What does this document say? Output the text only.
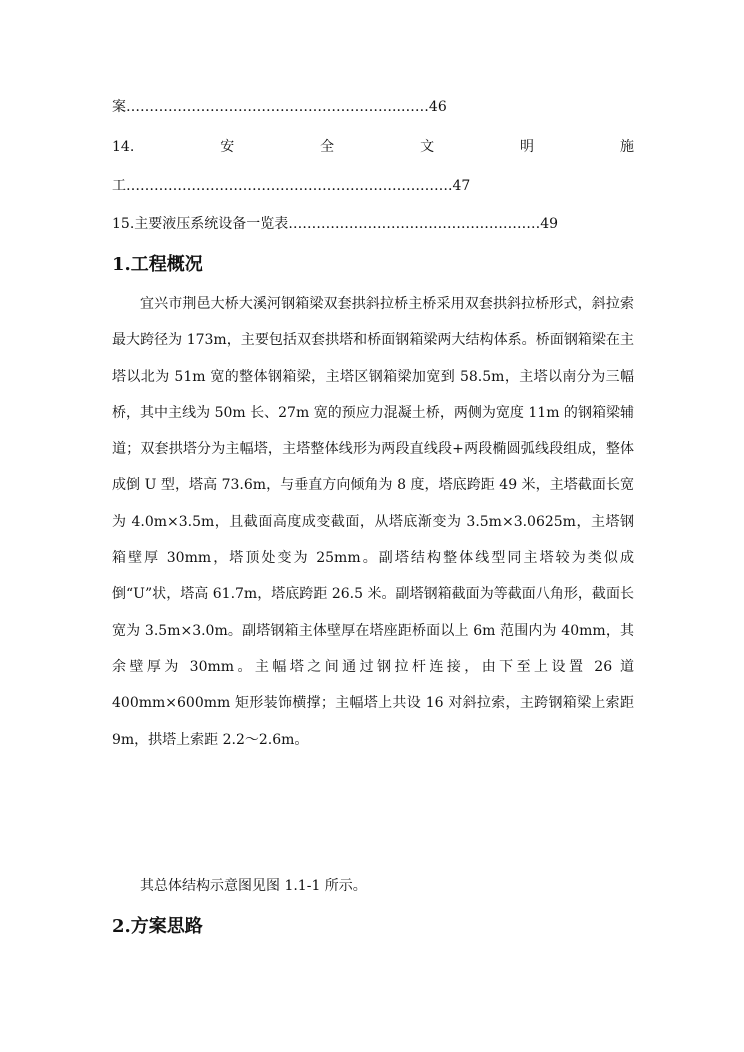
案…………………………………………………..……46
14.	安	全	文	明	施
工…………………………………………………………….47
15.主要液压系统设备一览表………………………………………………49
1.工程概况

宜兴市荆邑大桥大溪河钢箱梁双套拱斜拉桥主桥采用双套拱斜拉桥形式，斜拉索最大跨径为 173m，主要包括双套拱塔和桥面钢箱梁两大结构体系。桥面钢箱梁在主塔以北为 51m 宽的整体钢箱梁，主塔区钢箱梁加宽到 58.5m，主塔以南分为三幅桥，其中主线为 50m 长、27m 宽的预应力混凝土桥，两侧为宽度 11m 的钢箱梁辅道；双套拱塔分为主幅塔，主塔整体线形为两段直线段+两段椭圆弧线段组成，整体成倒 U 型，塔高 73.6m，与垂直方向倾角为 8 度，塔底跨距 49 米，主塔截面长宽为 4.0m×3.5m，且截面高度成变截面，从塔底渐变为 3.5m×3.0625m，主塔钢箱壁厚 30mm，塔顶处变为 25mm。副塔结构整体线型同主塔较为类似成倒“U”状，塔高 61.7m，塔底跨距 26.5 米。副塔钢箱截面为等截面八角形，截面长宽为 3.5m×3.0m。副塔钢箱主体壁厚在塔座距桥面以上 6m 范围内为 40mm，其余壁厚为 30mm。主幅塔之间通过钢拉杆连接，由下至上设置 26 道 400mm×600mm 矩形装饰横撑；主幅塔上共设 16 对斜拉索，主跨钢箱梁上索距 9m，拱塔上索距 2.2～2.6m。

其总体结构示意图见图 1.1-1 所示。

2.方案思路
